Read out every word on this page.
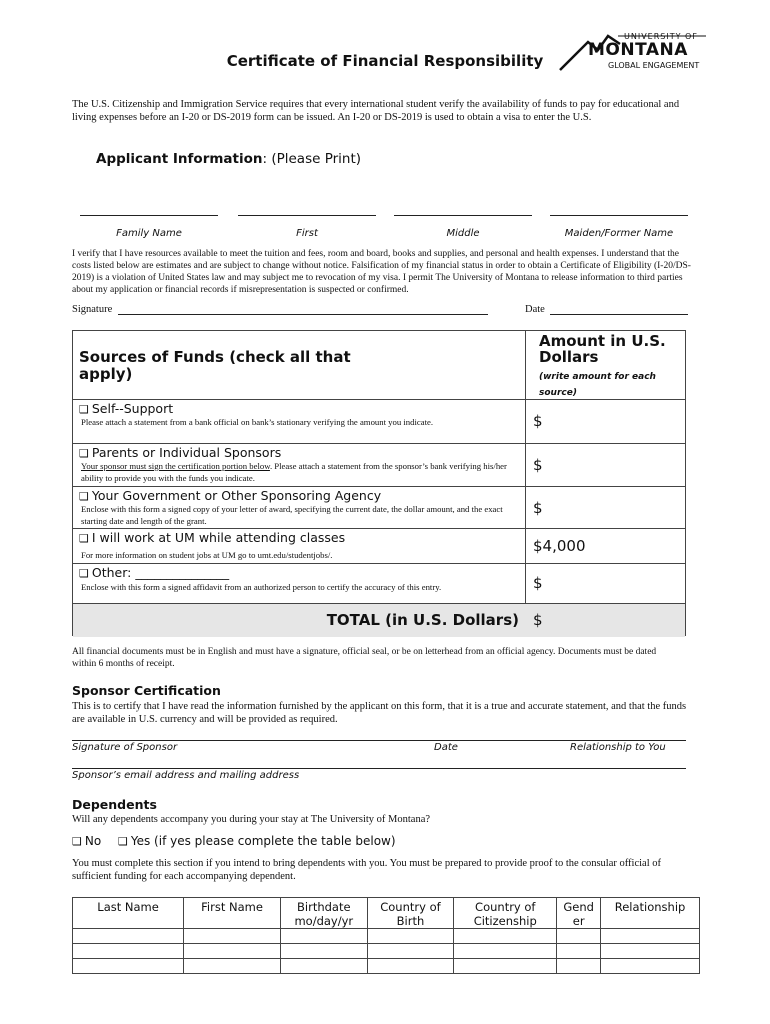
Certificate of Financial Responsibility
UNIVERSITY OF
MONTANA
GLOBAL ENGAGEMENT
The U.S. Citizenship and Immigration Service requires that every international student verify the availability of funds to pay for educational and living expenses before an I-20 or DS-2019 form can be issued. An I-20 or DS-2019 is used to obtain a visa to enter the U.S.
Applicant Information: (Please Print)
Family Name	First	Middle	Maiden/Former Name
I verify that I have resources available to meet the tuition and fees, room and board, books and supplies, and personal and health expenses. I understand that the costs listed below are estimates and are subject to change without notice. Falsification of my financial status in order to obtain a Certificate of Eligibility (I-20/DS-2019) is a violation of United States law and may subject me to revocation of my visa. I permit The University of Montana to release information to third parties about my application or financial records if misrepresentation is suspected or confirmed.
Signature	Date
Sources of Funds (check all that apply)
Amount in U.S. Dollars
(write amount for each source)
❑ Self--Support
Please attach a statement from a bank official on bank’s stationary verifying the amount you indicate.	$
❑ Parents or Individual Sponsors
Your sponsor must sign the certification portion below. Please attach a statement from the sponsor’s bank verifying his/her ability to provide you with the funds you indicate.
$
❑ Your Government or Other Sponsoring Agency
Enclose with this form a signed copy of your letter of award, specifying the current date, the dollar amount, and the exact starting date and length of the grant.
$
❑ I will work at UM while attending classes
For more information on student jobs at UM go to umt.edu/studentjobs/.	$4,000
❑ Other: _______________
Enclose with this form a signed affidavit from an authorized person to certify the accuracy of this entry.	$
TOTAL (in U.S. Dollars) $
All financial documents must be in English and must have a signature, official seal, or be on letterhead from an official agency. Documents must be dated within 6 months of receipt.
Sponsor Certification
This is to certify that I have read the information furnished by the applicant on this form, that it is a true and accurate statement, and that the funds are available in U.S. currency and will be provided as required.
Signature of Sponsor	Date	Relationship to You
Sponsor’s email address and mailing address
Dependents
Will any dependents accompany you during your stay at The University of Montana?
❑ No ❑ Yes (if yes please complete the table below)
You must complete this section if you intend to bring dependents with you. You must be prepared to provide proof to the consular official of sufficient funding for each accompanying dependent.
Last Name	First Name	Birthdate mo/day/yr	Country of Birth	Country of Citizenship	Gend er	Relationship
